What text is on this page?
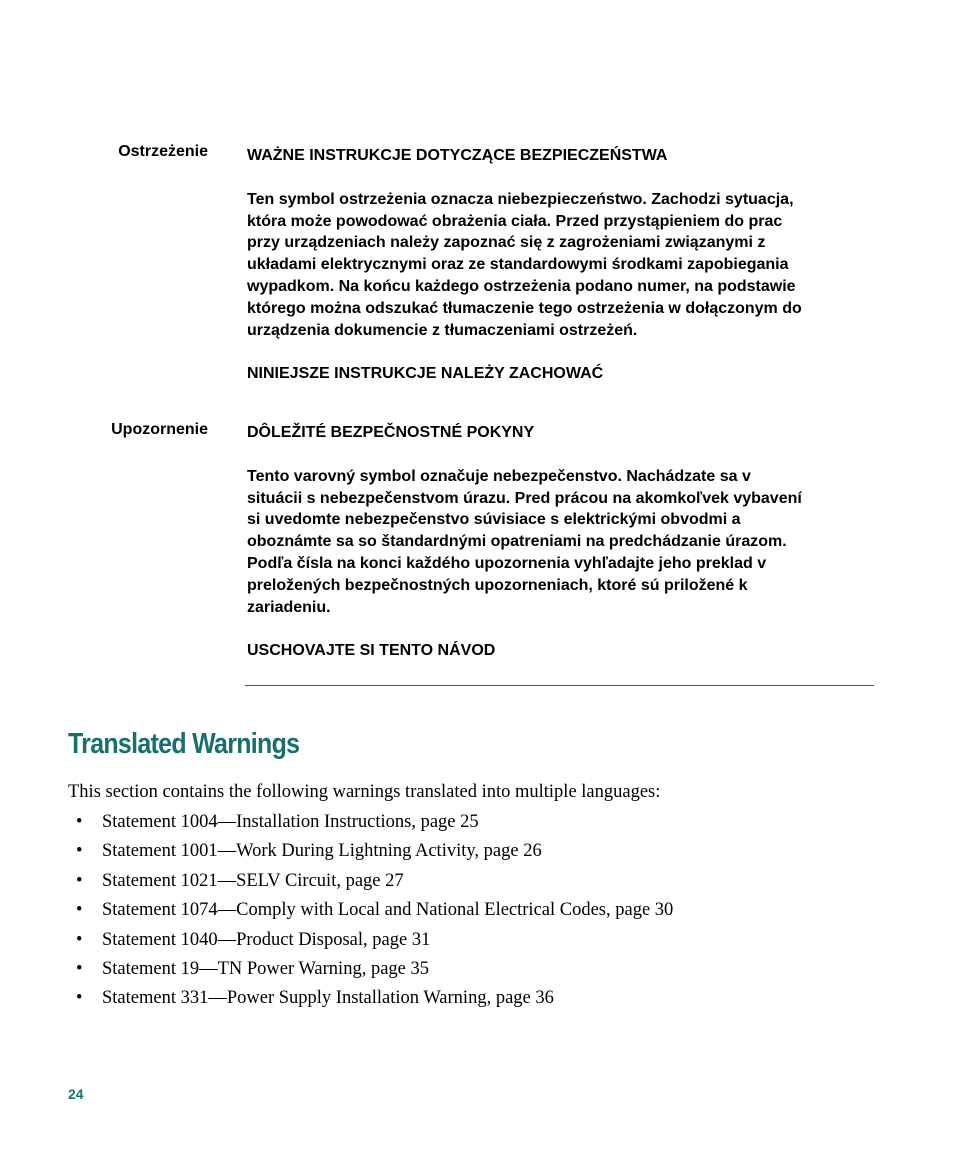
Ostrzeżenie WAŻNE INSTRUKCJE DOTYCZĄCE BEZPIECZEŃSTWA

Ten symbol ostrzeżenia oznacza niebezpieczeństwo. Zachodzi sytuacja,
która może powodować obrażenia ciała. Przed przystąpieniem do prac
przy urządzeniach należy zapoznać się z zagrożeniami związanymi z
układami elektrycznymi oraz ze standardowymi środkami zapobiegania
wypadkom. Na końcu każdego ostrzeżenia podano numer, na podstawie
którego można odszukać tłumaczenie tego ostrzeżenia w dołączonym do
urządzenia dokumencie z tłumaczeniami ostrzeżeń.

NINIEJSZE INSTRUKCJE NALEŻY ZACHOWAĆ

Upozornenie DÔLEŽITÉ BEZPEČNOSTNÉ POKYNY

Tento varovný symbol označuje nebezpečenstvo. Nachádzate sa v
situácii s nebezpečenstvom úrazu. Pred prácou na akomkoľvek vybavení
si uvedomte nebezpečenstvo súvisiace s elektrickými obvodmi a
oboznámte sa so štandardnými opatreniami na predchádzanie úrazom.
Podľa čísla na konci každého upozornenia vyhľadajte jeho preklad v
preložených bezpečnostných upozorneniach, ktoré sú priložené k
zariadeniu.

USCHOVAJTE SI TENTO NÁVOD

Translated Warnings

This section contains the following warnings translated into multiple languages:

• Statement 1004—Installation Instructions, page 25
• Statement 1001—Work During Lightning Activity, page 26
• Statement 1021—SELV Circuit, page 27
• Statement 1074—Comply with Local and National Electrical Codes, page 30
• Statement 1040—Product Disposal, page 31
• Statement 19—TN Power Warning, page 35
• Statement 331—Power Supply Installation Warning, page 36
24
